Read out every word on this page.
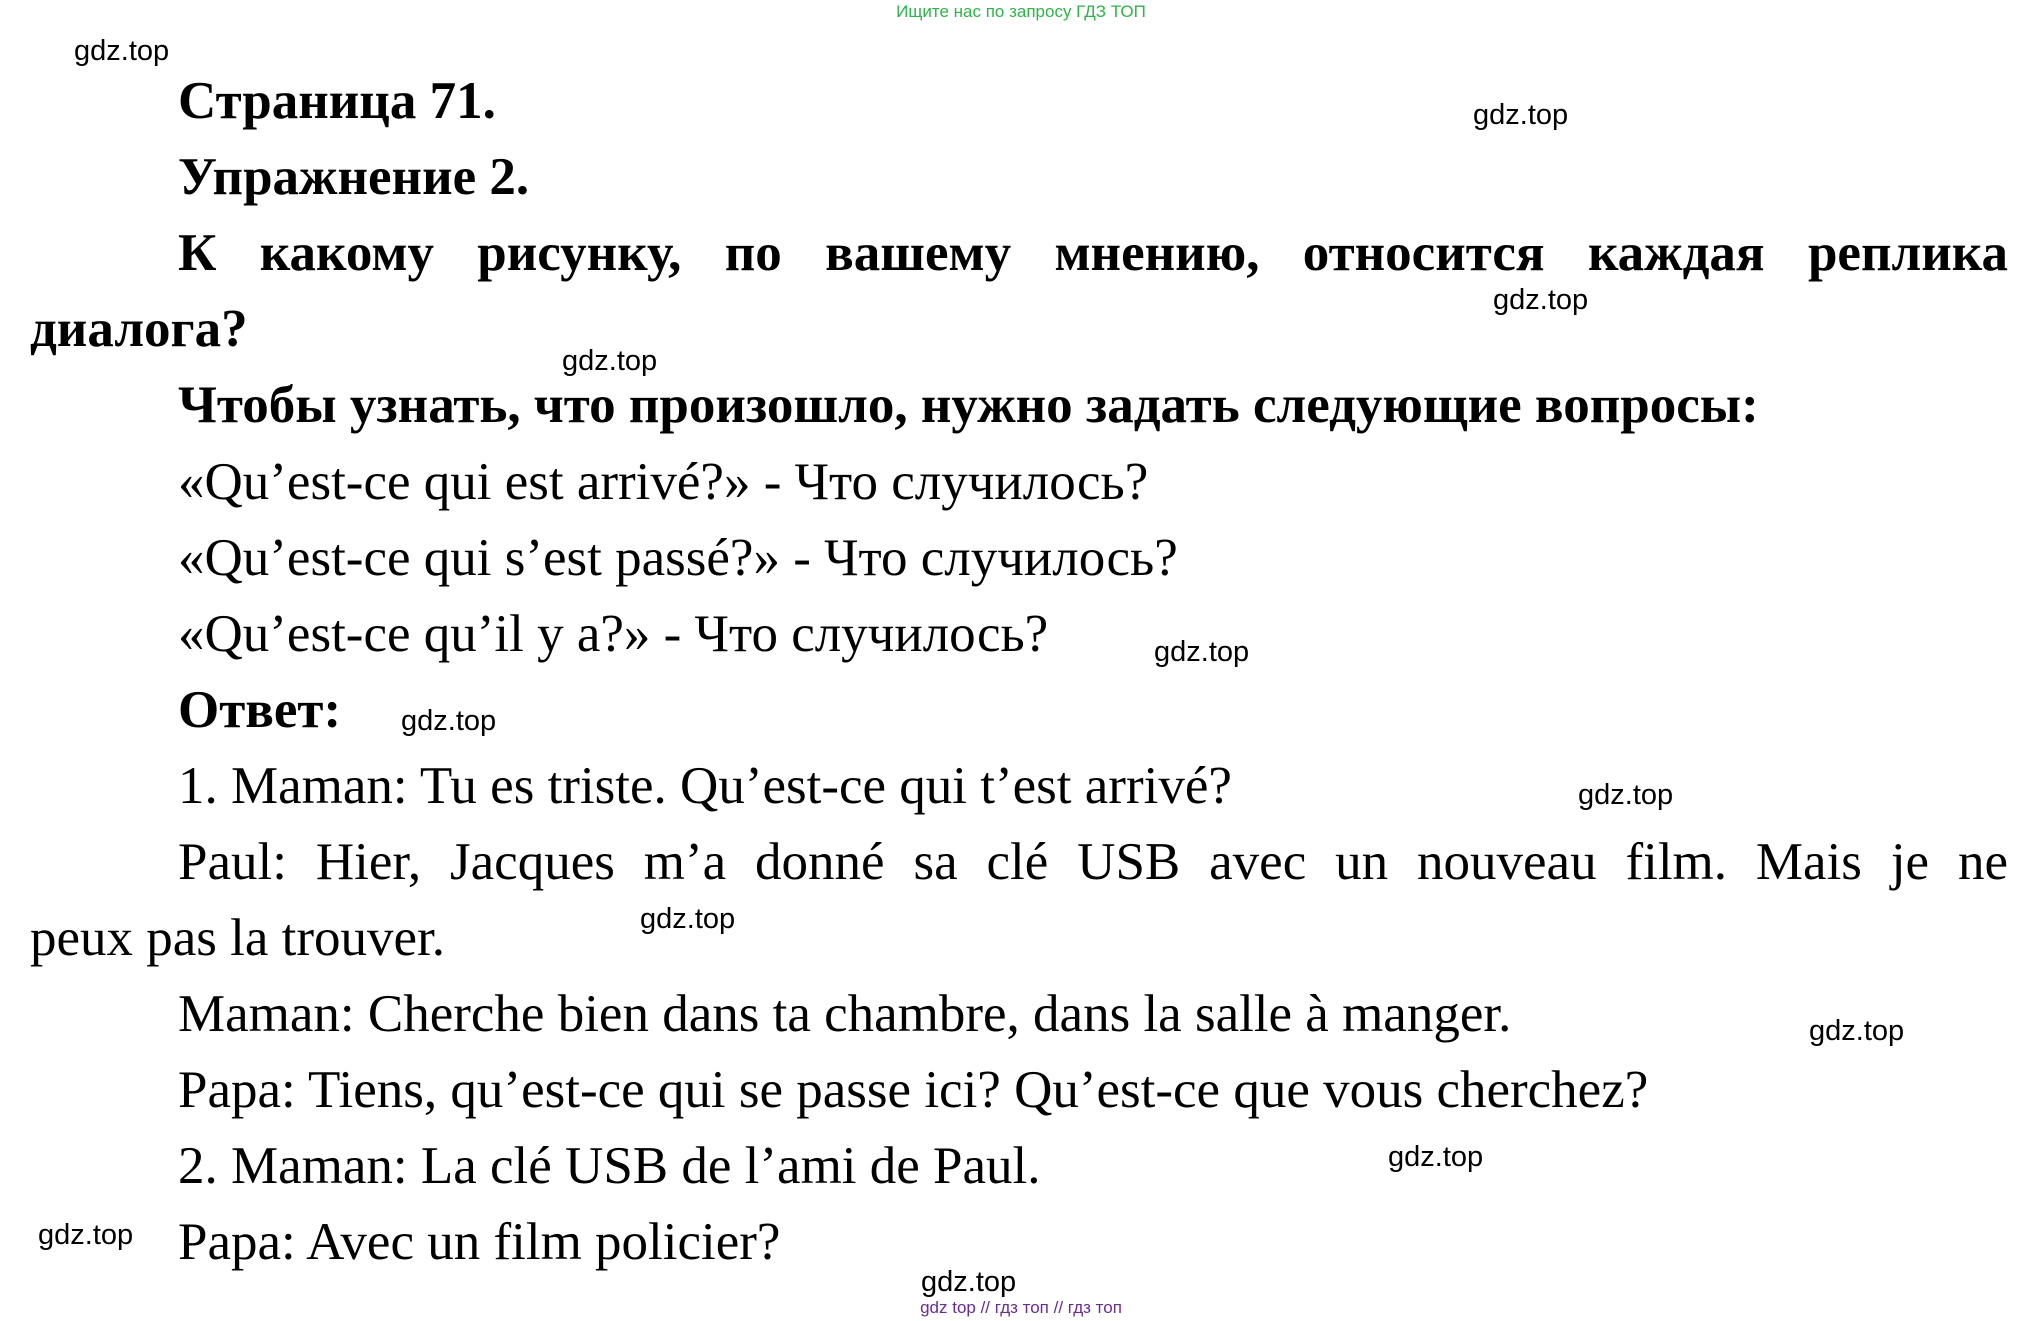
Ищите нас по запросу ГДЗ ТОП
Страница 71.
Упражнение 2.
К какому рисунку, по вашему мнению, относится каждая реплика
диалога?
Чтобы узнать, что произошло, нужно задать следующие вопросы:
«Qu’est-ce qui est arrivé?» - Что случилось?
«Qu’est-ce qui s’est passé?» - Что случилось?
«Qu’est-ce qu’il y a?» - Что случилось?
Ответ:
1. Maman: Tu es triste. Qu’est-ce qui t’est arrivé?
Paul: Hier, Jacques m’a donné sa clé USB avec un nouveau film. Mais je ne
peux pas la trouver.
Maman: Cherche bien dans ta chambre, dans la salle à manger.
Papa: Tiens, qu’est-ce qui se passe ici? Qu’est-ce que vous cherchez?
2. Maman: La clé USB de l’ami de Paul.
Papa: Avec un film policier?
gdz.top
gdz.top
gdz.top
gdz.top
gdz.top
gdz.top
gdz.top
gdz.top
gdz.top
gdz.top
gdz.top
gdz.top
gdz top // гдз топ // гдз топ
